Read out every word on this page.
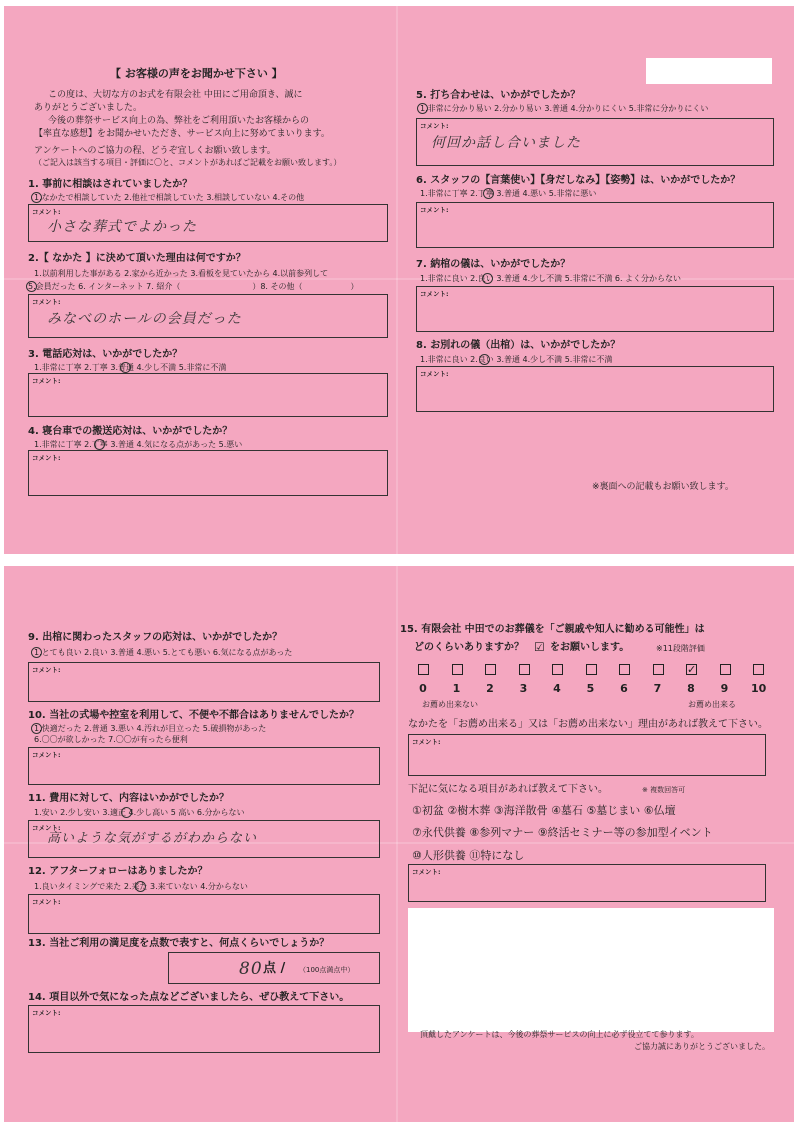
【 お客様の声をお聞かせ下さい 】
この度は、大切な方のお式を有限会社 中田にご用命頂き、誠に
ありがとうございました。
今後の葬祭サービス向上の為、弊社をご利用頂いたお客様からの
【率直な感想】をお聞かせいただき、サービス向上に努めてまいります。
アンケートへのご協力の程、どうぞ宜しくお願い致します。
（ご記入は該当する項目・評価に〇と、コメントがあればご記載をお願い致します。）
1. 事前に相談はされていましたか？
1.なかたで相談していた 2.他社で相談していた 3.相談していない 4.その他
コメント:
小さな葬式でよかった
2.【 なかた 】に決めて頂いた理由は何ですか？
1.以前利用した事がある 2.家から近かった 3.看板を見ていたから 4.以前参列して
5.会員だった 6. インターネット 7. 紹介（　　　　　　　　　）8. その他（　　　　　　）
コメント:
みなべのホールの会員だった
3. 電話応対は、いかがでしたか？
1.非常に丁寧 2.丁寧 3.普通 4.少し不満 5.非常に不満
コメント:
4. 寝台車での搬送応対は、いかがでしたか？
1.非常に丁寧 2.丁寧 3.普通 4.気になる点があった 5.悪い
コメント:
5. 打ち合わせは、いかがでしたか？
1.非常に分かり易い 2.分かり易い 3.普通 4.分かりにくい 5.非常に分かりにくい
コメント:
何回か話し合いました
6. スタッフの【言葉使い】【身だしなみ】【姿勢】は、いかがでしたか？
1.非常に丁寧 2.丁寧 3.普通 4.悪い 5.非常に悪い
コメント:
7. 納棺の儀は、いかがでしたか？
1.非常に良い 2.良い 3.普通 4.少し不満 5.非常に不満 6. よく分からない
コメント:
8. お別れの儀（出棺）は、いかがでしたか？
1.非常に良い 2.良い 3.普通 4.少し不満 5.非常に不満
コメント:
※裏面への記載もお願い致します。
9. 出棺に関わったスタッフの応対は、いかがでしたか？
1.とても良い 2.良い 3.普通 4.悪い 5.とても悪い 6.気になる点があった
コメント:
10. 当社の式場や控室を利用して、不便や不都合はありませんでしたか？
1.快適だった 2.普通 3.悪い 4.汚れが目立った 5.破損物があった
6.〇〇が欲しかった 7.〇〇が有ったら便利
コメント:
11. 費用に対して、内容はいかがでしたか？
1.安い 2.少し安い 3.適正 4.少し高い 5 高い 6.分からない
コメント:
高いような気がするがわからない
12. アフターフォローはありましたか？
1.良いタイミングで来た 2.来た 3.来ていない 4.分からない
コメント:
13. 当社ご利用の満足度を点数で表すと、何点くらいでしょうか？
80 点 / （100点満点中）
14. 項目以外で気になった点などございましたら、ぜひ教えて下さい。
コメント:
15. 有限会社 中田でのお葬儀を「ご親戚や知人に勧める可能性」は
どのくらいありますか？ ☑ をお願いします。	※11段階評価
0 1 2 3 4 5 6 7
✓
8 9 10
お薦め出来ない	お薦め出来る
なかたを「お薦め出来る」又は「お薦め出来ない」理由があれば教えて下さい。
コメント:
下記に気になる項目があれば教えて下さい。	※ 複数回答可
①初盆 ②樹木葬 ③海洋散骨 ④墓石 ⑤墓じまい ⑥仏壇
⑦永代供養 ⑧参列マナー ⑨終活セミナー等の参加型イベント
⑩人形供養 ⑪特になし
コメント:
頂戴したアンケートは、今後の葬祭サービスの向上に必ず役立てて参ります。
ご協力誠にありがとうございました。
